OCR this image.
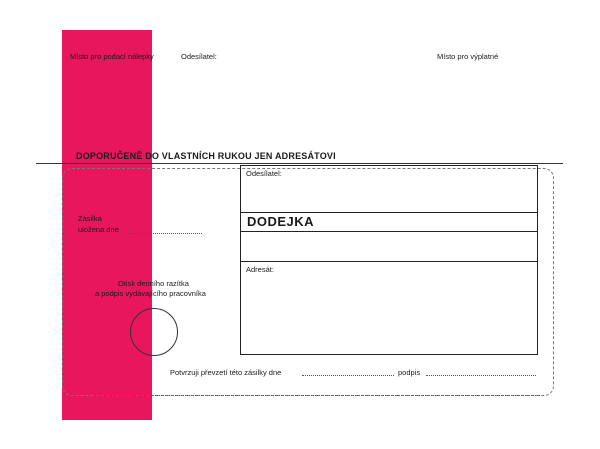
Místo pro podací nálepky	Odesílatel:	Místo pro výplatné
DOPORUČENĚ DO VLASTNÍCH RUKOU JEN ADRESÁTOVI
Zásilka
uložena dne
Otisk denního razítka
a podpis vydávajícího pracovníka
Odesílatel:
DODEJKA
Adresát:
Potvrzuji převzetí této zásilky dne	podpis
